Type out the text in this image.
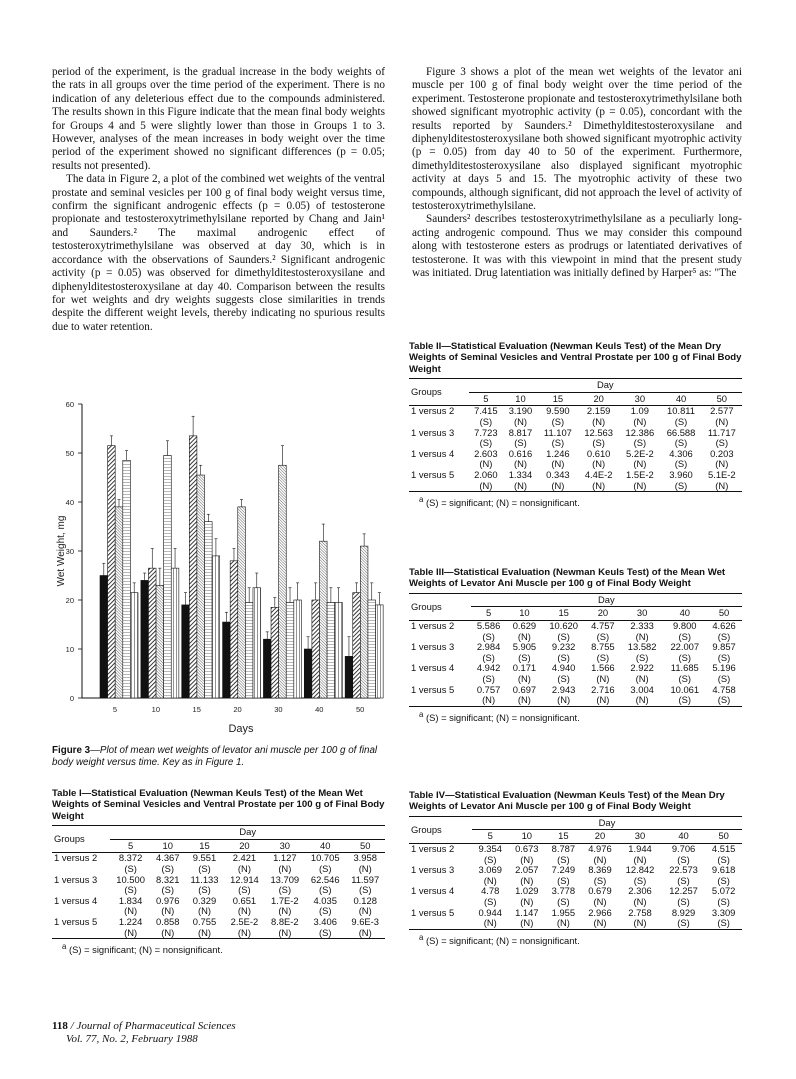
period of the experiment, is the gradual increase in the body weights of the rats in all groups over the time period of the experiment. There is no indication of any deleterious effect due to the compounds administered. The results shown in this Figure indicate that the mean final body weights for Groups 4 and 5 were slightly lower than those in Groups 1 to 3. However, analyses of the mean increases in body weight over the time period of the experiment showed no significant differences (p = 0.05; results not presented).

The data in Figure 2, a plot of the combined wet weights of the ventral prostate and seminal vesicles per 100 g of final body weight versus time, confirm the significant androgenic effects (p = 0.05) of testosterone propionate and testosteroxytrimethylsilane reported by Chang and Jain¹ and Saunders.² The maximal androgenic effect of testosteroxytrimethylsilane was observed at day 30, which is in accordance with the observations of Saunders.² Significant androgenic activity (p = 0.05) was observed for dimethylditestosteroxysilane and diphenylditestosteroxysilane at day 40. Comparison between the results for wet weights and dry weights suggests close similarities in trends despite the different weight levels, thereby indicating no spurious results due to water retention.

Figure 3 shows a plot of the mean wet weights of the levator ani muscle per 100 g of final body weight over the time period of the experiment. Testosterone propionate and testosteroxytrimethylsilane both showed significant myotrophic activity (p = 0.05), concordant with the results reported by Saunders.² Dimethylditestosteroxysilane and diphenylditestosteroxysilane both showed significant myotrophic activity (p = 0.05) from day 40 to 50 of the experiment. Furthermore, dimethylditestosteroxysilane also displayed significant myotrophic activity at days 5 and 15. The myotrophic activity of these two compounds, although significant, did not approach the level of activity of testosteroxytrimethylsilane.

Saunders² describes testosteroxytrimethylsilane as a peculiarly long-acting androgenic compound. Thus we may consider this compound along with testosterone esters as prodrugs or latentiated derivatives of testosterone. It was with this viewpoint in mind that the present study was initiated. Drug latentiation was initially defined by Harper⁵ as: "The

0
10
20
30
40
50
60
Wet Weight, mg
5	10	15	20	30	40	50
Days
Figure 3—Plot of mean wet weights of levator ani muscle per 100 g of final body weight versus time. Key as in Figure 1.
Table I—Statistical Evaluation (Newman Keuls Test) of the Mean Wet Weights of Seminal Vesicles and Ventral Prostate per 100 g of Final Body Weight
Groups	Day						
	5	10	15	20	30	40	50
1 versus 2	8.372	4.367	9.551	2.421	1.127	10.705	3.958
	(S)	(S)	(S)	(N)	(N)	(S)	(N)
1 versus 3	10.500	8.321	11.133	12.914	13.709	62.546	11.597
	(S)	(S)	(S)	(S)	(S)	(S)	(S)
1 versus 4	1.834	0.976	0.329	0.651	1.7E-2	4.035	0.128
	(N)	(N)	(N)	(N)	(N)	(S)	(N)
1 versus 5	1.224	0.858	0.755	2.5E-2	8.8E-2	3.406	9.6E-3
	(N)	(N)	(N)	(N)	(N)	(S)	(N)
$^a$ (S) = significant; (N) = nonsignificant.
Table II—Statistical Evaluation (Newman Keuls Test) of the Mean Dry Weights of Seminal Vesicles and Ventral Prostate per 100 g of Final Body Weight
Groups	Day						
	5	10	15	20	30	40	50
1 versus 2	7.415	3.190	9.590	2.159	1.09	10.811	2.577
	(S)	(N)	(S)	(N)	(N)	(S)	(N)
1 versus 3	7.723	8.817	11.107	12.563	12.386	66.588	11.717
	(S)	(S)	(S)	(S)	(S)	(S)	(S)
1 versus 4	2.603	0.616	1.246	0.610	5.2E-2	4.306	0.203
	(N)	(N)	(N)	(N)	(N)	(S)	(N)
1 versus 5	2.060	1.334	0.343	4.4E-2	1.5E-2	3.960	5.1E-2
	(N)	(N)	(N)	(N)	(N)	(S)	(N)
$^a$ (S) = significant; (N) = nonsignificant.
Table III—Statistical Evaluation (Newman Keuls Test) of the Mean Wet Weights of Levator Ani Muscle per 100 g of Final Body Weight
Groups	Day						
	5	10	15	20	30	40	50
1 versus 2	5.586	0.629	10.620	4.757	2.333	9.800	4.626
	(S)	(N)	(S)	(S)	(N)	(S)	(S)
1 versus 3	2.984	5.905	9.232	8.755	13.582	22.007	9.857
	(S)	(S)	(S)	(S)	(S)	(S)	(S)
1 versus 4	4.942	0.171	4.940	1.566	2.922	11.685	5.196
	(S)	(N)	(S)	(N)	(N)	(S)	(S)
1 versus 5	0.757	0.697	2.943	2.716	3.004	10.061	4.758
	(N)	(N)	(N)	(N)	(N)	(S)	(S)
$^a$ (S) = significant; (N) = nonsignificant.
Table IV—Statistical Evaluation (Newman Keuls Test) of the Mean Dry Weights of Levator Ani Muscle per 100 g of Final Body Weight
Groups	Day						
	5	10	15	20	30	40	50
1 versus 2	9.354	0.673	8.787	4.976	1.944	9.706	4.515
	(S)	(N)	(S)	(N)	(N)	(S)	(S)
1 versus 3	3.069	2.057	7.249	8.369	12.842	22.573	9.618
	(N)	(N)	(S)	(S)	(S)	(S)	(S)
1 versus 4	4.78	1.029	3.778	0.679	2.306	12.257	5.072
	(S)	(N)	(S)	(N)	(N)	(S)	(S)
1 versus 5	0.944	1.147	1.955	2.966	2.758	8.929	3.309
	(N)	(N)	(N)	(N)	(N)	(S)	(S)
$^a$ (S) = significant; (N) = nonsignificant.
118 / Journal of Pharmaceutical Sciences
Vol. 77, No. 2, February 1988
